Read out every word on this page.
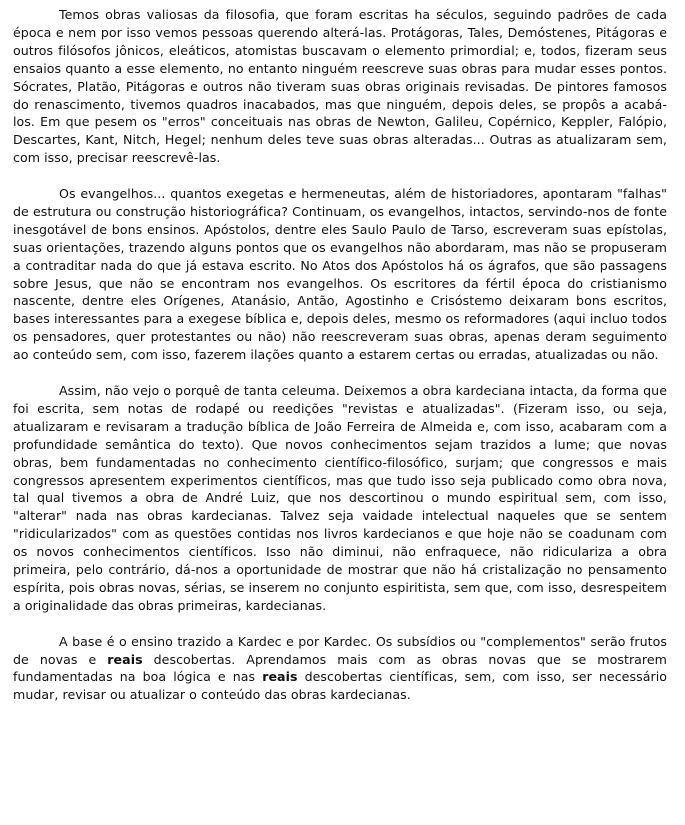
Temos obras valiosas da filosofia, que foram escritas ha séculos, seguindo padrões de cada época e nem por isso vemos pessoas querendo alterá-las. Protágoras, Tales, Demóstenes, Pitágoras e outros filósofos jônicos, eleáticos, atomistas buscavam o elemento primordial; e, todos, fizeram seus ensaios quanto a esse elemento, no entanto ninguém reescreve suas obras para mudar esses pontos. Sócrates, Platão, Pitágoras e outros não tiveram suas obras originais revisadas. De pintores famosos do renascimento, tivemos quadros inacabados, mas que ninguém, depois deles, se propôs a acabá-los. Em que pesem os "erros" conceituais nas obras de Newton, Galileu, Copérnico, Keppler, Falópio, Descartes, Kant, Nitch, Hegel; nenhum deles teve suas obras alteradas... Outras as atualizaram sem, com isso, precisar reescrevê-las.

Os evangelhos... quantos exegetas e hermeneutas, além de historiadores, apontaram "falhas" de estrutura ou construção historiográfica? Continuam, os evangelhos, intactos, servindo-nos de fonte inesgotável de bons ensinos. Apóstolos, dentre eles Saulo Paulo de Tarso, escreveram suas epístolas, suas orientações, trazendo alguns pontos que os evangelhos não abordaram, mas não se propuseram a contraditar nada do que já estava escrito. No Atos dos Apóstolos há os ágrafos, que são passagens sobre Jesus, que não se encontram nos evangelhos. Os escritores da fértil época do cristianismo nascente, dentre eles Orígenes, Atanásio, Antão, Agostinho e Crisóstemo deixaram bons escritos, bases interessantes para a exegese bíblica e, depois deles, mesmo os reformadores (aqui incluo todos os pensadores, quer protestantes ou não) não reescreveram suas obras, apenas deram seguimento ao conteúdo sem, com isso, fazerem ilações quanto a estarem certas ou erradas, atualizadas ou não.

Assim, não vejo o porquê de tanta celeuma. Deixemos a obra kardeciana intacta, da forma que foi escrita, sem notas de rodapé ou reedições "revistas e atualizadas". (Fizeram isso, ou seja, atualizaram e revisaram a tradução bíblica de João Ferreira de Almeida e, com isso, acabaram com a profundidade semântica do texto). Que novos conhecimentos sejam trazidos a lume; que novas obras, bem fundamentadas no conhecimento científico-filosófico, surjam; que congressos e mais congressos apresentem experimentos científicos, mas que tudo isso seja publicado como obra nova, tal qual tivemos a obra de André Luiz, que nos descortinou o mundo espiritual sem, com isso, "alterar" nada nas obras kardecianas. Talvez seja vaidade intelectual naqueles que se sentem "ridicularizados" com as questões contidas nos livros kardecianos e que hoje não se coadunam com os novos conhecimentos científicos. Isso não diminui, não enfraquece, não ridiculariza a obra primeira, pelo contrário, dá-nos a oportunidade de mostrar que não há cristalização no pensamento espírita, pois obras novas, sérias, se inserem no conjunto espiritista, sem que, com isso, desrespeitem a originalidade das obras primeiras, kardecianas.

A base é o ensino trazido a Kardec e por Kardec. Os subsídios ou "complementos" serão frutos de novas e reais descobertas. Aprendamos mais com as obras novas que se mostrarem fundamentadas na boa lógica e nas reais descobertas científicas, sem, com isso, ser necessário mudar, revisar ou atualizar o conteúdo das obras kardecianas.
